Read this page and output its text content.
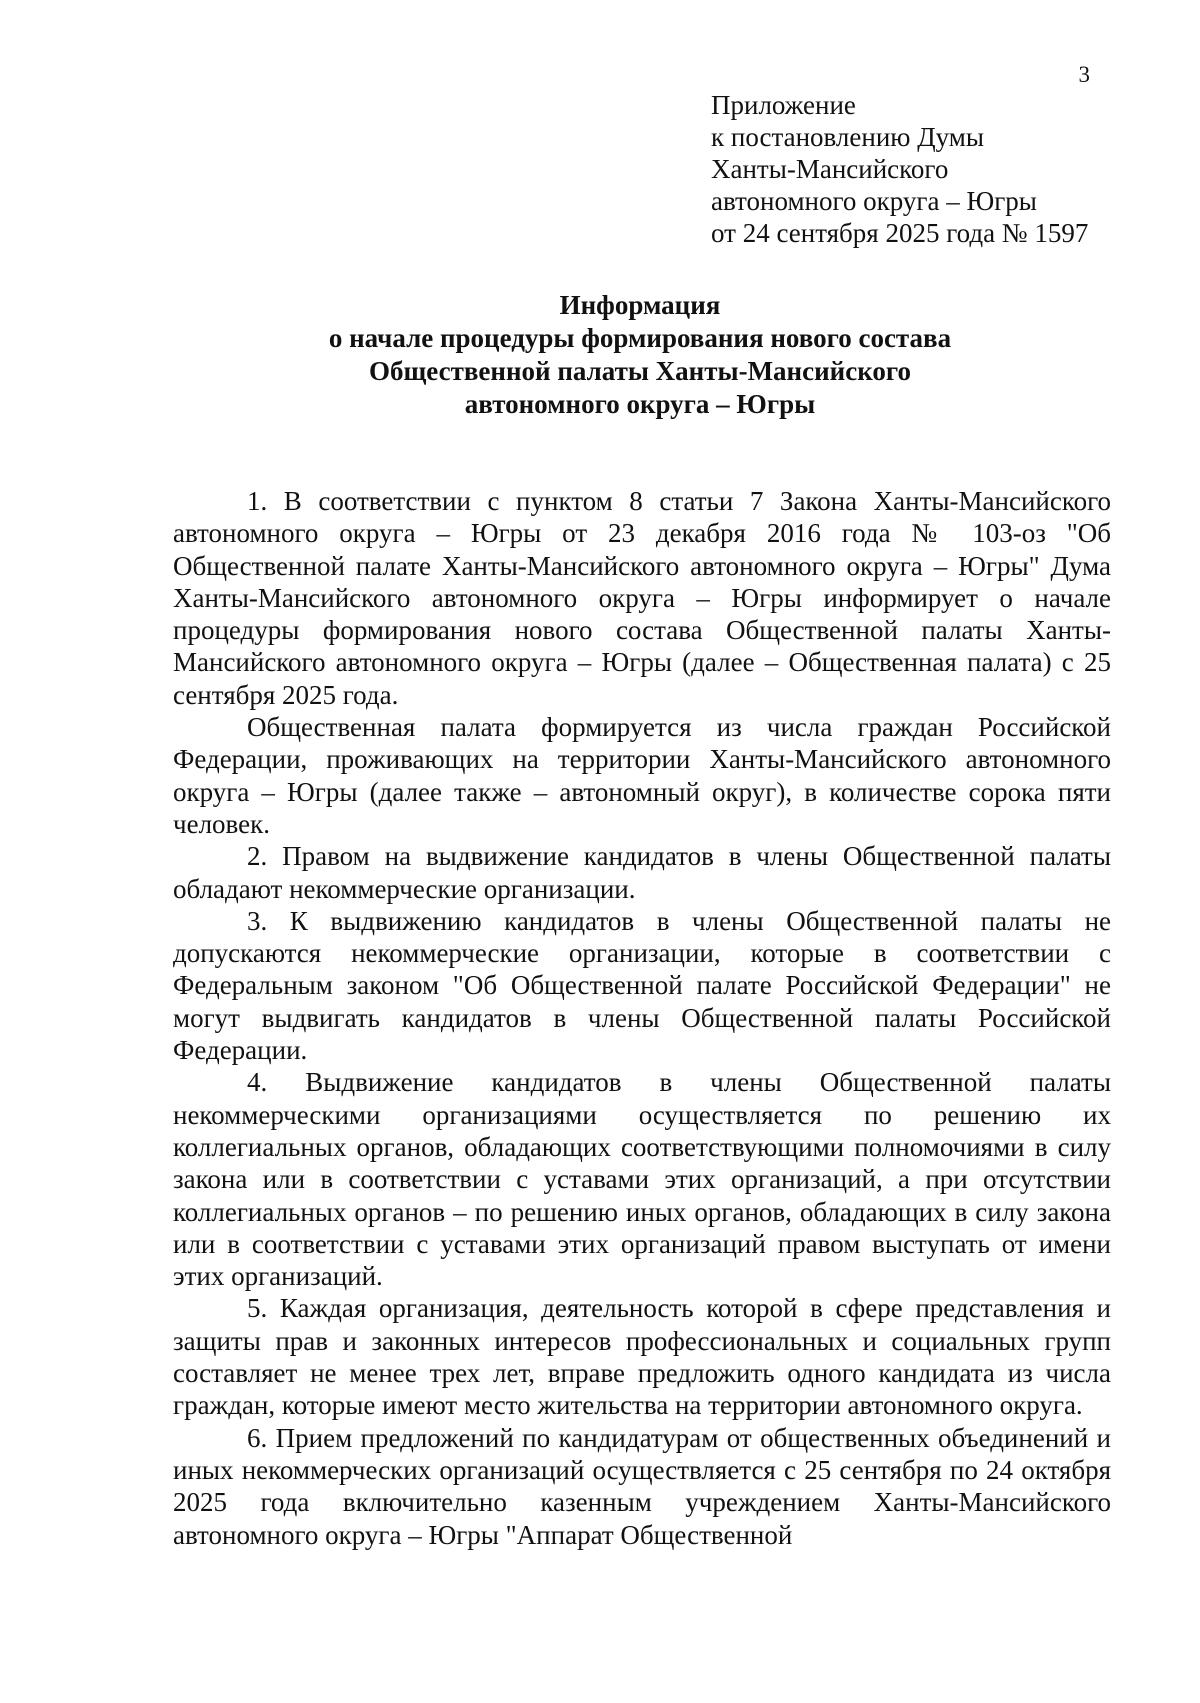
3
Приложение
к постановлению Думы
Ханты-Мансийского
автономного округа – Югры
от 24 сентября 2025 года № 1597
Информация
о начале процедуры формирования нового состава
Общественной палаты Ханты-Мансийского
автономного округа – Югры

1. В соответствии с пунктом 8 статьи 7 Закона Ханты-Мансийского автономного округа – Югры от 23 декабря 2016 года № 103-оз "Об Общественной палате Ханты-Мансийского автономного округа – Югры" Дума Ханты-Мансийского автономного округа – Югры информирует о начале процедуры формирования нового состава Общественной палаты Ханты-Мансийского автономного округа – Югры (далее – Общественная палата) с 25 сентября 2025 года.

Общественная палата формируется из числа граждан Российской Федерации, проживающих на территории Ханты-Мансийского автономного округа – Югры (далее также – автономный округ), в количестве сорока пяти человек.

2. Правом на выдвижение кандидатов в члены Общественной палаты обладают некоммерческие организации.

3. К выдвижению кандидатов в члены Общественной палаты не допускаются некоммерческие организации, которые в соответствии с Федеральным законом "Об Общественной палате Российской Федерации" не могут выдвигать кандидатов в члены Общественной палаты Российской Федерации.

4. Выдвижение кандидатов в члены Общественной палаты некоммерческими организациями осуществляется по решению их коллегиальных органов, обладающих соответствующими полномочиями в силу закона или в соответствии с уставами этих организаций, а при отсутствии коллегиальных органов – по решению иных органов, обладающих в силу закона или в соответствии с уставами этих организаций правом выступать от имени этих организаций.

5. Каждая организация, деятельность которой в сфере представления и защиты прав и законных интересов профессиональных и социальных групп составляет не менее трех лет, вправе предложить одного кандидата из числа граждан, которые имеют место жительства на территории автономного округа.

6. Прием предложений по кандидатурам от общественных объединений и иных некоммерческих организаций осуществляется с 25 сентября по 24 октября 2025 года включительно казенным учреждением Ханты-Мансийского автономного округа – Югры "Аппарат Общественной
